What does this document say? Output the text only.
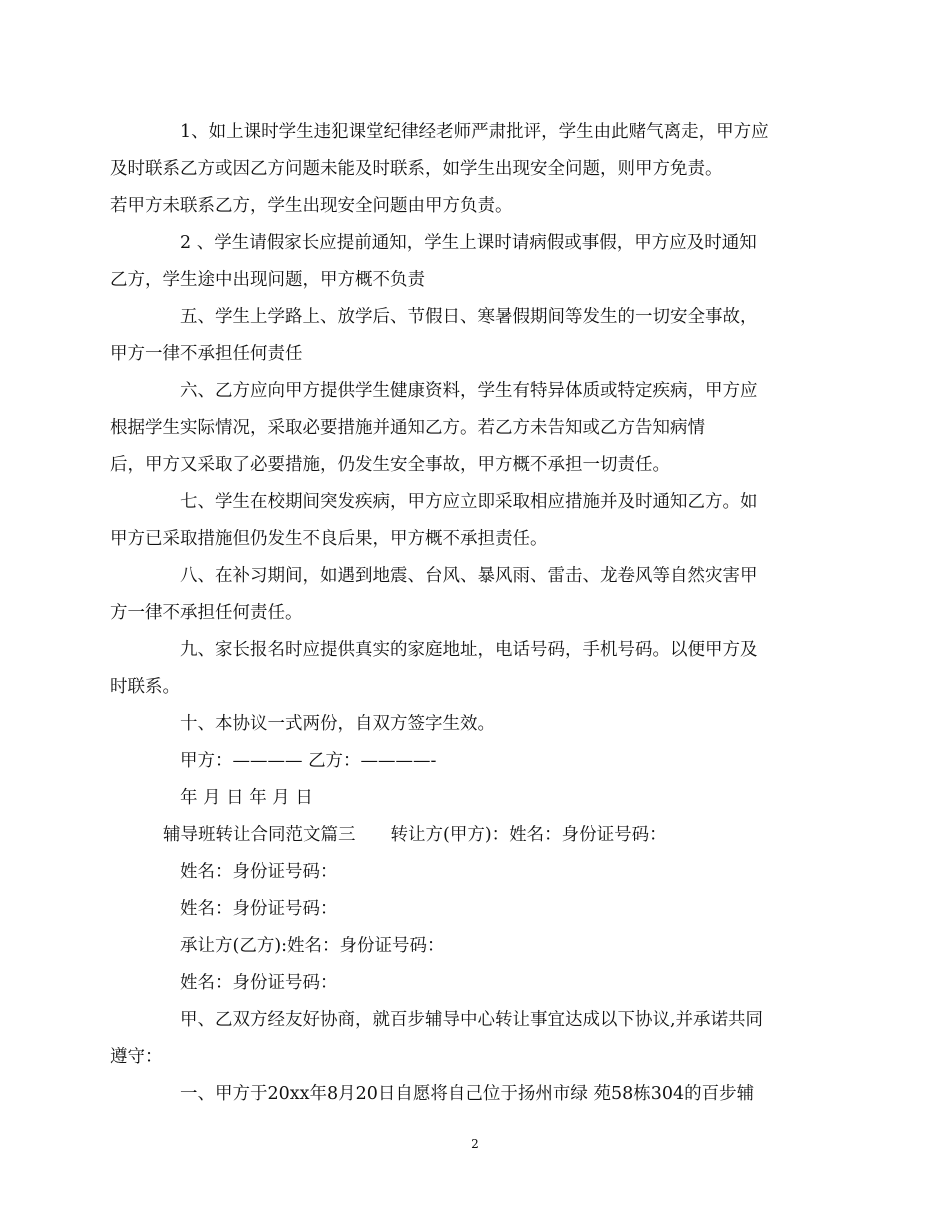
1、如上课时学生违犯课堂纪律经老师严肃批评，学生由此赌气离走，甲方应
及时联系乙方或因乙方问题未能及时联系，如学生出现安全问题，则甲方免责。
若甲方未联系乙方，学生出现安全问题由甲方负责。

2 、学生请假家长应提前通知，学生上课时请病假或事假，甲方应及时通知
乙方，学生途中出现问题，甲方概不负责

五、学生上学路上、放学后、节假日、寒暑假期间等发生的一切安全事故，
甲方一律不承担任何责任

六、乙方应向甲方提供学生健康资料，学生有特异体质或特定疾病，甲方应
根据学生实际情况，采取必要措施并通知乙方。若乙方未告知或乙方告知病情
后，甲方又采取了必要措施，仍发生安全事故，甲方概不承担一切责任。

七、学生在校期间突发疾病，甲方应立即采取相应措施并及时通知乙方。如
甲方已采取措施但仍发生不良后果，甲方概不承担责任。

八、在补习期间，如遇到地震、台风、暴风雨、雷击、龙卷风等自然灾害甲
方一律不承担任何责任。

九、家长报名时应提供真实的家庭地址，电话号码，手机号码。以便甲方及
时联系。

十、本协议一式两份，自双方签字生效。

甲方：———— 乙方：————-

年 月 日 年 月 日

辅导班转让合同范文篇三　　转让方(甲方)：姓名：身份证号码：

姓名：身份证号码：

姓名：身份证号码：

承让方(乙方):姓名：身份证号码：

姓名：身份证号码：

甲、乙双方经友好协商，就百步辅导中心转让事宜达成以下协议,并承诺共同
遵守：

一、甲方于20xx年8月20日自愿将自己位于扬州市绿 苑58栋304的百步辅

2
